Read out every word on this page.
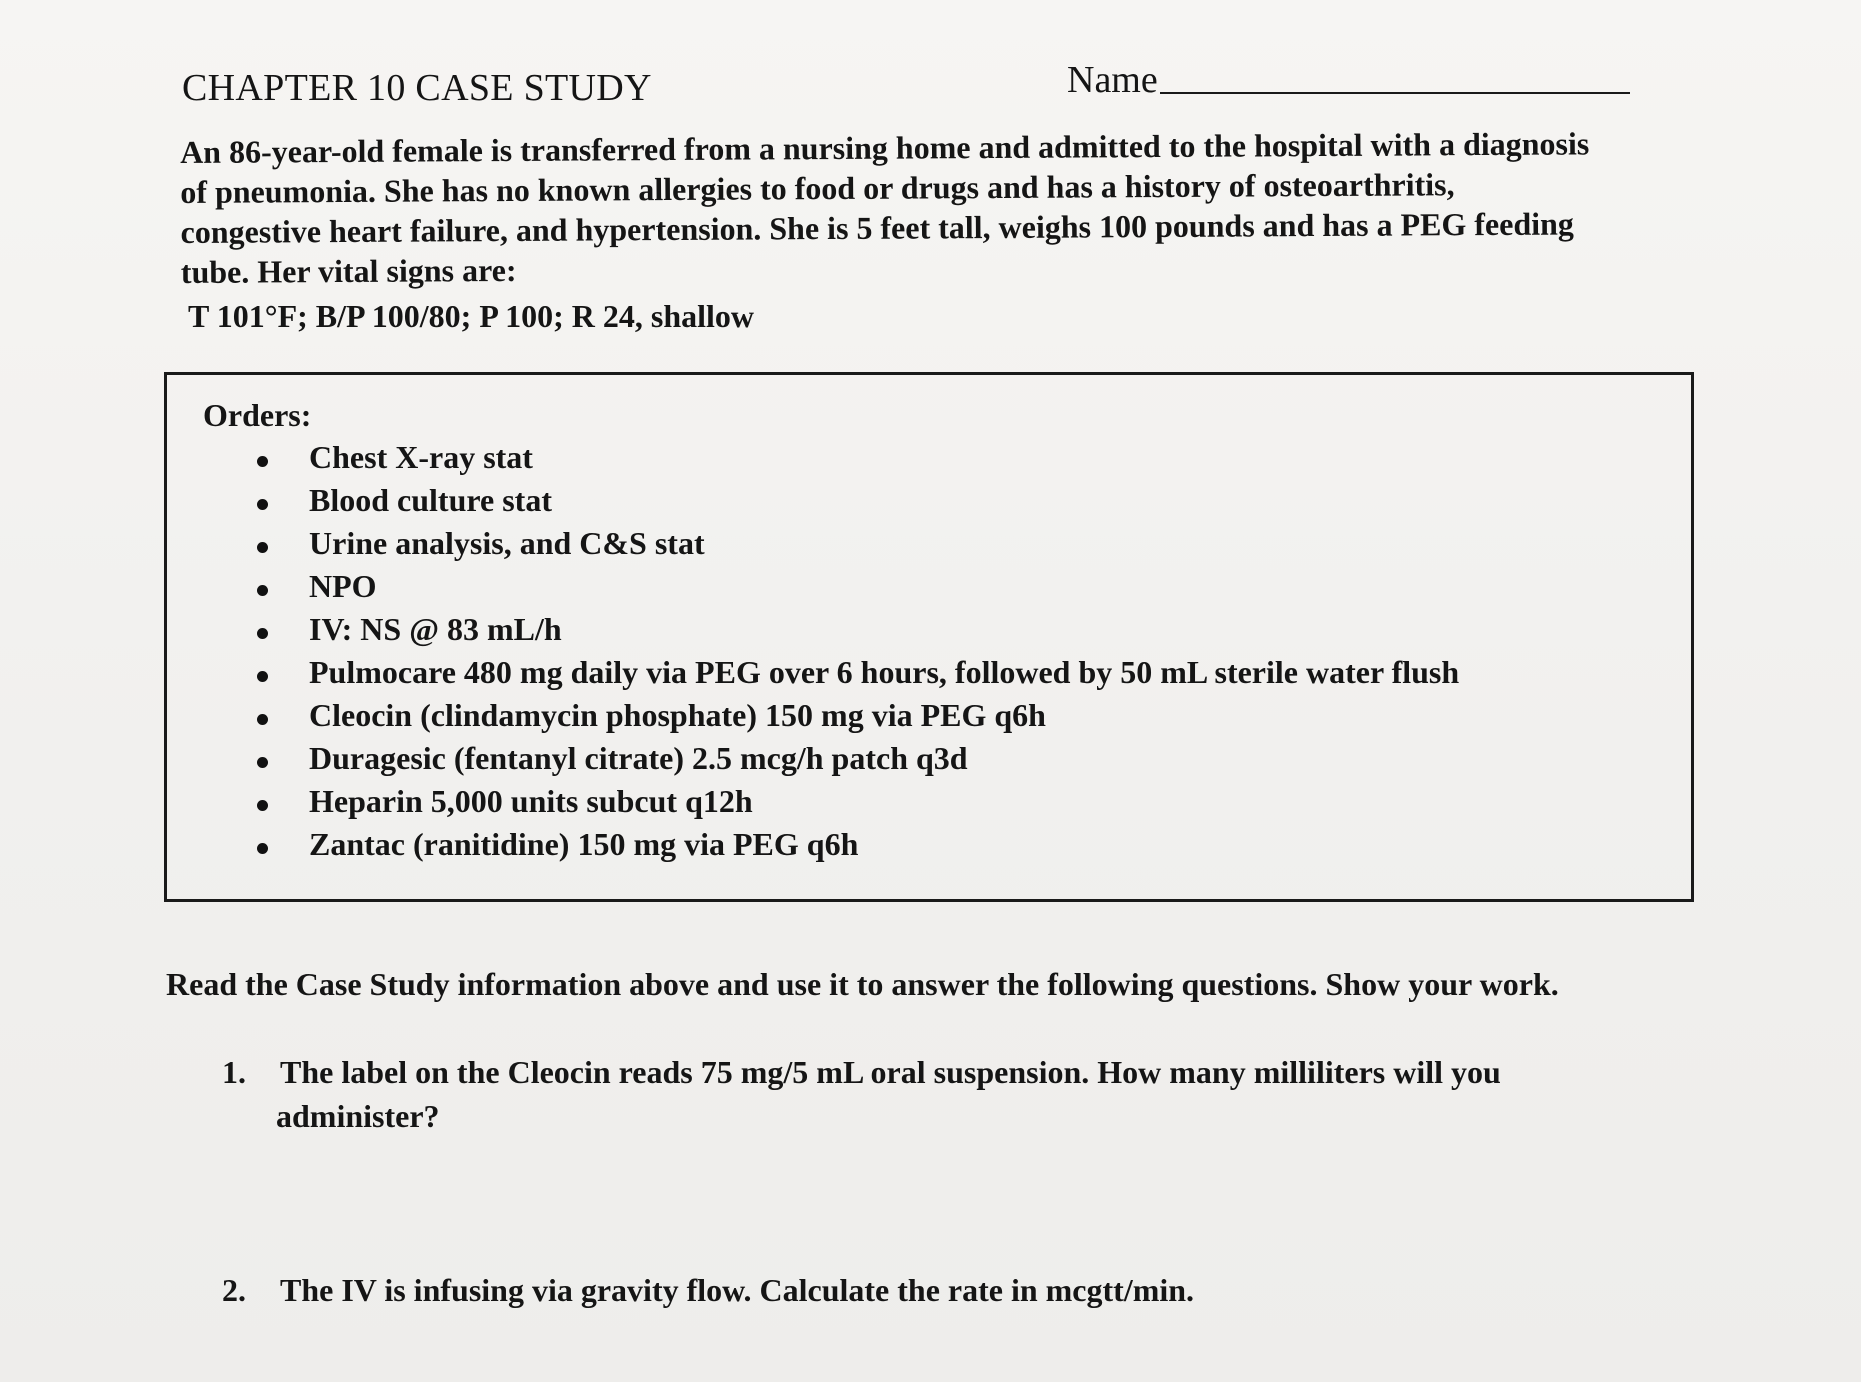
CHAPTER 10 CASE STUDY	Name

An 86-year-old female is transferred from a nursing home and admitted to the hospital with a diagnosis

of pneumonia. She has no known allergies to food or drugs and has a history of osteoarthritis,

congestive heart failure, and hypertension. She is 5 feet tall, weighs 100 pounds and has a PEG feeding

tube. Her vital signs are:

T 101°F; B/P 100/80; P 100; R 24, shallow
Orders:
Chest X-ray stat
Blood culture stat
Urine analysis, and C&S stat
NPO
IV: NS @ 83 mL/h
Pulmocare 480 mg daily via PEG over 6 hours, followed by 50 mL sterile water flush
Cleocin (clindamycin phosphate) 150 mg via PEG q6h
Duragesic (fentanyl citrate) 2.5 mcg/h patch q3d
Heparin 5,000 units subcut q12h
Zantac (ranitidine) 150 mg via PEG q6h
Read the Case Study information above and use it to answer the following questions. Show your work.
1. The label on the Cleocin reads 75 mg/5 mL oral suspension. How many milliliters will you
administer?
2. The IV is infusing via gravity flow. Calculate the rate in mcgtt/min.
